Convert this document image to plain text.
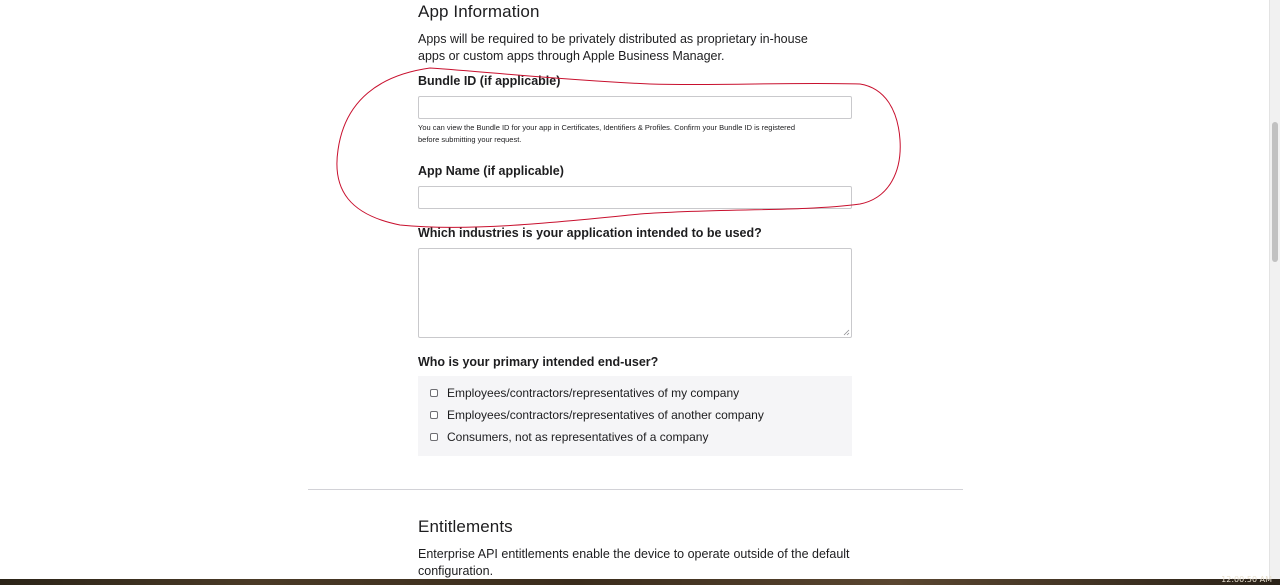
App Information

Apps will be required to be privately distributed as proprietary in-house apps or custom apps through Apple Business Manager.

Bundle ID (if applicable)
You can view the Bundle ID for your app in Certificates, Identifiers & Profiles. Confirm your Bundle ID is registered
before submitting your request.
App Name (if applicable)
Which industries is your application intended to be used?
Who is your primary intended end-user?
Employees/contractors/representatives of my company
Employees/contractors/representatives of another company
Consumers, not as representatives of a company
Entitlements

Enterprise API entitlements enable the device to operate outside of the default

configuration.

12:00:50 AM
